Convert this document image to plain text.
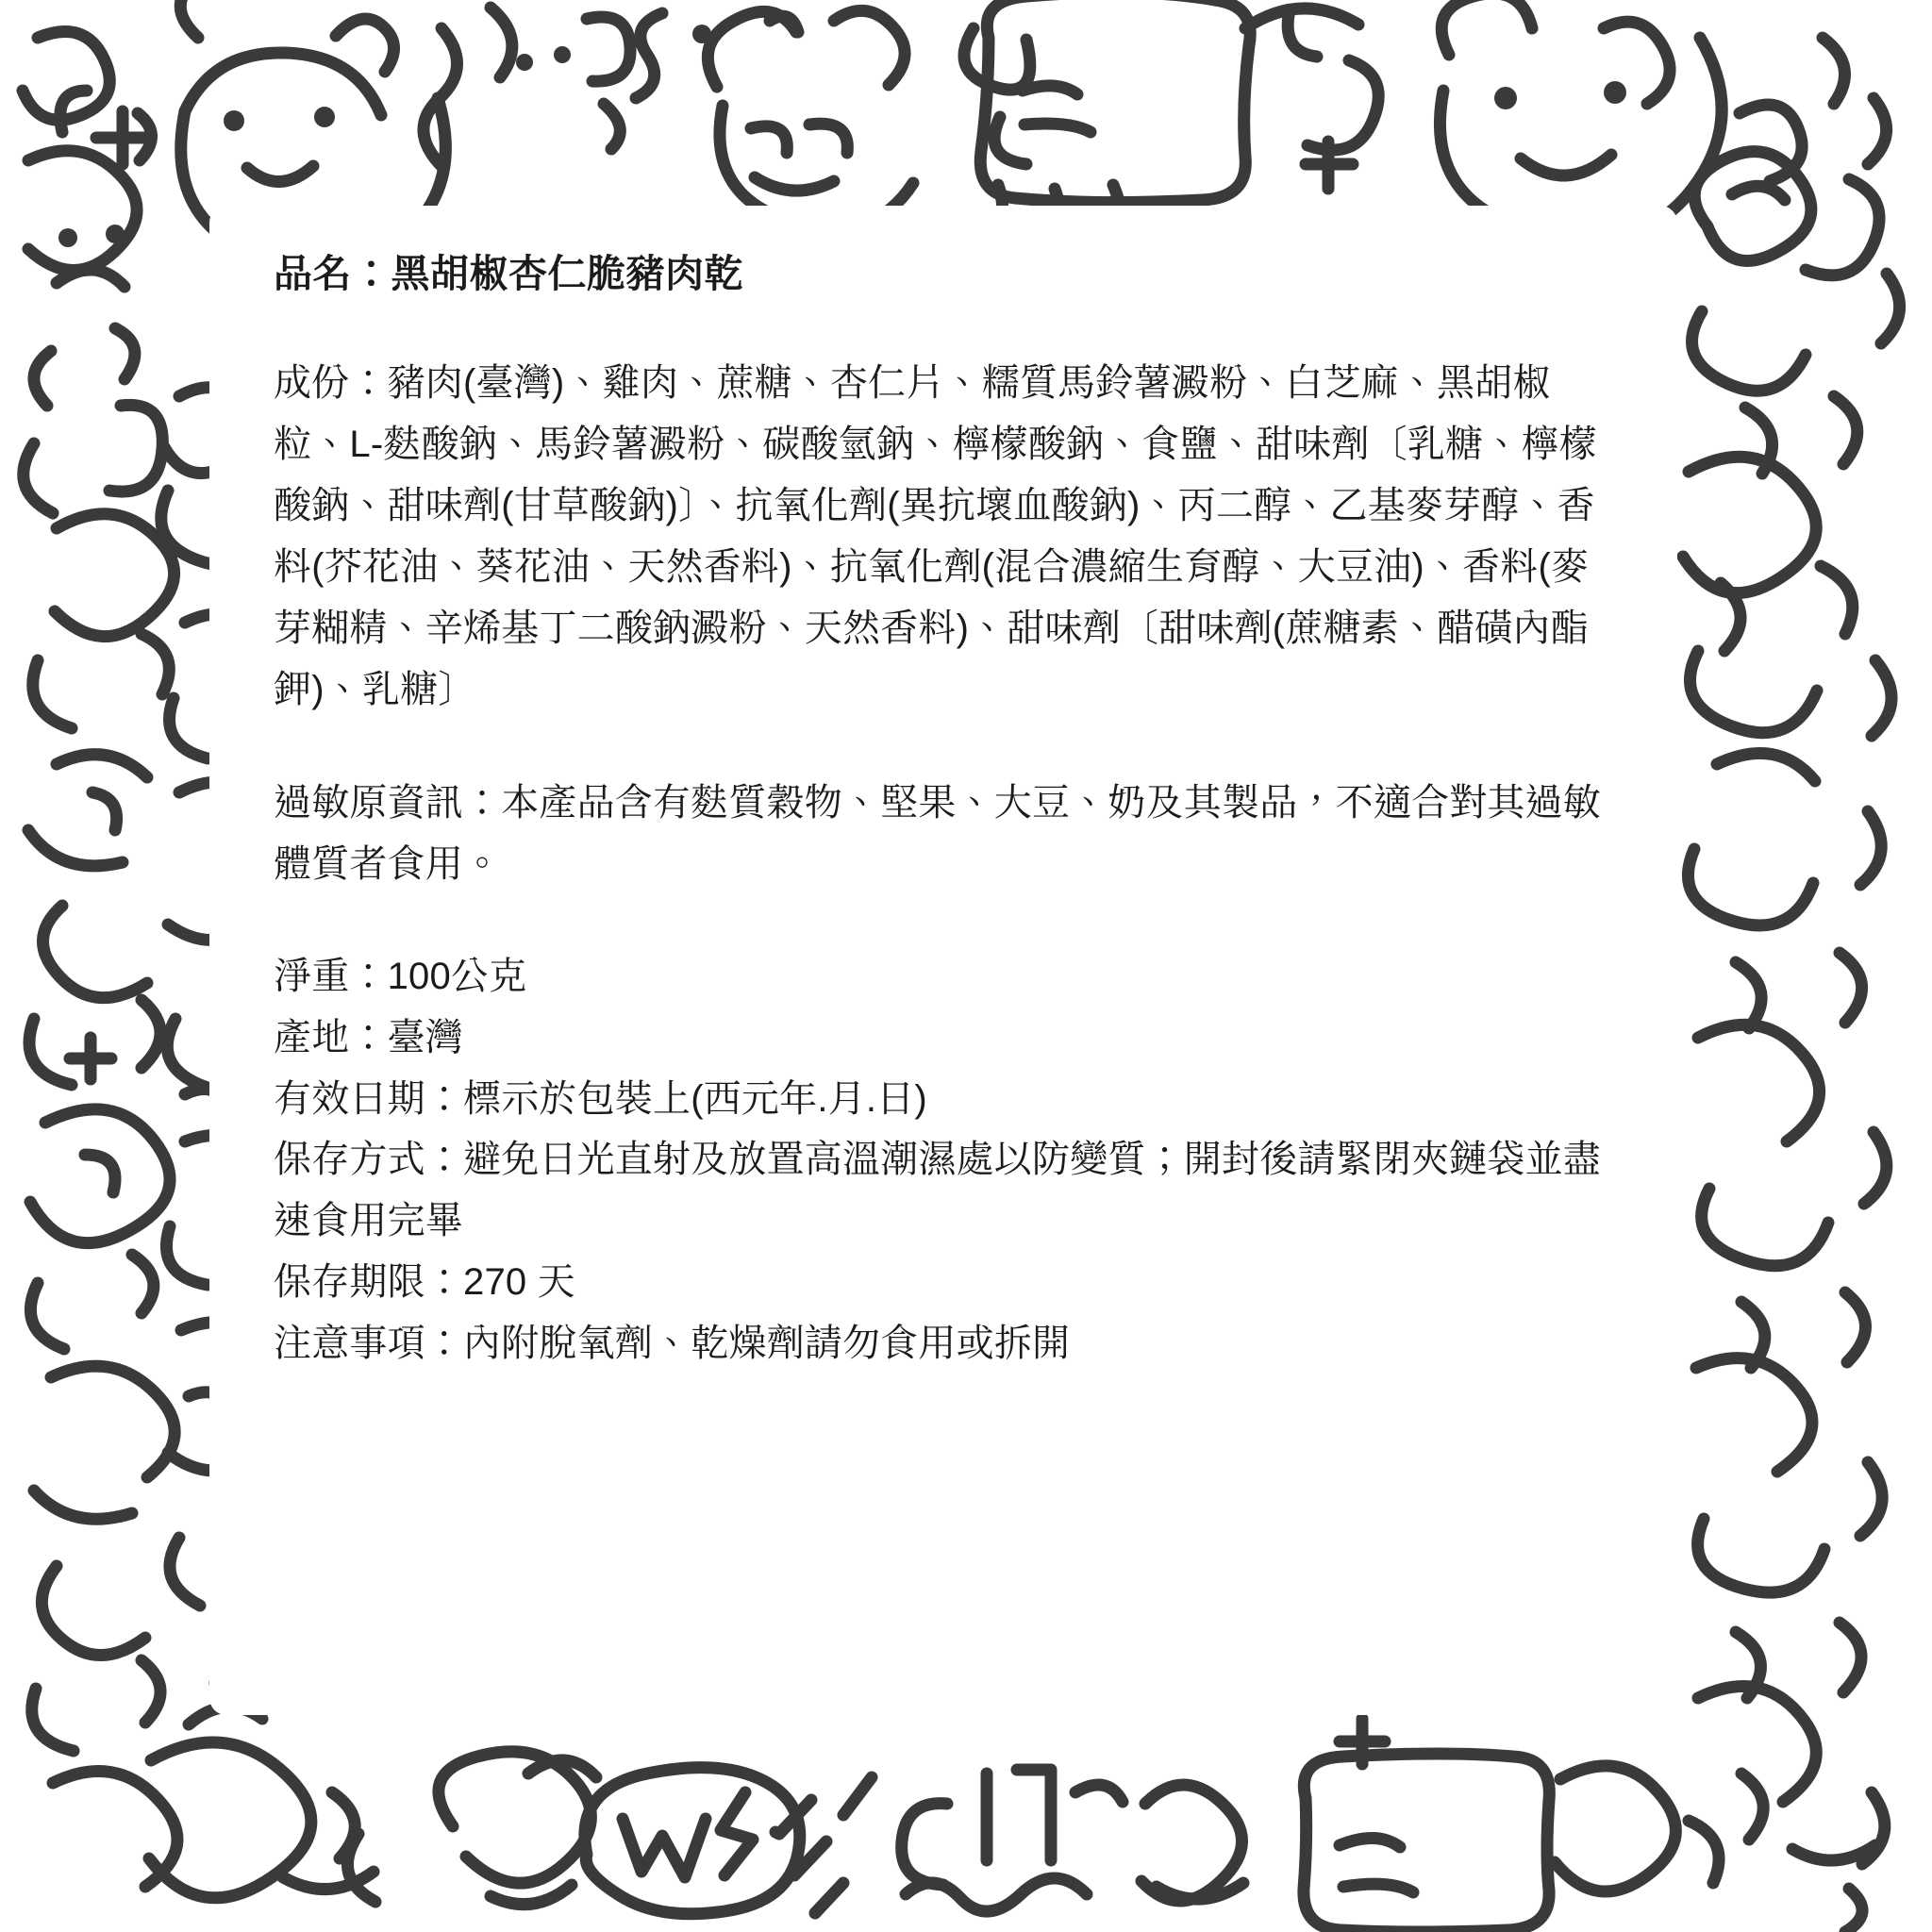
品名：黑胡椒杏仁脆豬肉乾

成份：豬肉(臺灣)、雞肉、蔗糖、杏仁片、糯質馬鈴薯澱粉、白芝麻、黑胡椒粒、L-麩酸鈉、馬鈴薯澱粉、碳酸氫鈉、檸檬酸鈉、食鹽、甜味劑〔乳糖、檸檬酸鈉、甜味劑(甘草酸鈉)〕、抗氧化劑(異抗壞血酸鈉)、丙二醇、乙基麥芽醇、香料(芥花油、葵花油、天然香料)、抗氧化劑(混合濃縮生育醇、大豆油)、香料(麥芽糊精、辛烯基丁二酸鈉澱粉、天然香料)、甜味劑〔甜味劑(蔗糖素、醋磺內酯鉀)、乳糖〕

過敏原資訊：本產品含有麩質穀物、堅果、大豆、奶及其製品，不適合對其過敏體質者食用。

淨重：100公克
產地：臺灣
有效日期：標示於包裝上(西元年.月.日)
保存方式：避免日光直射及放置高溫潮濕處以防變質；開封後請緊閉夾鏈袋並盡速食用完畢
保存期限：270 天
注意事項：內附脫氧劑、乾燥劑請勿食用或拆開
